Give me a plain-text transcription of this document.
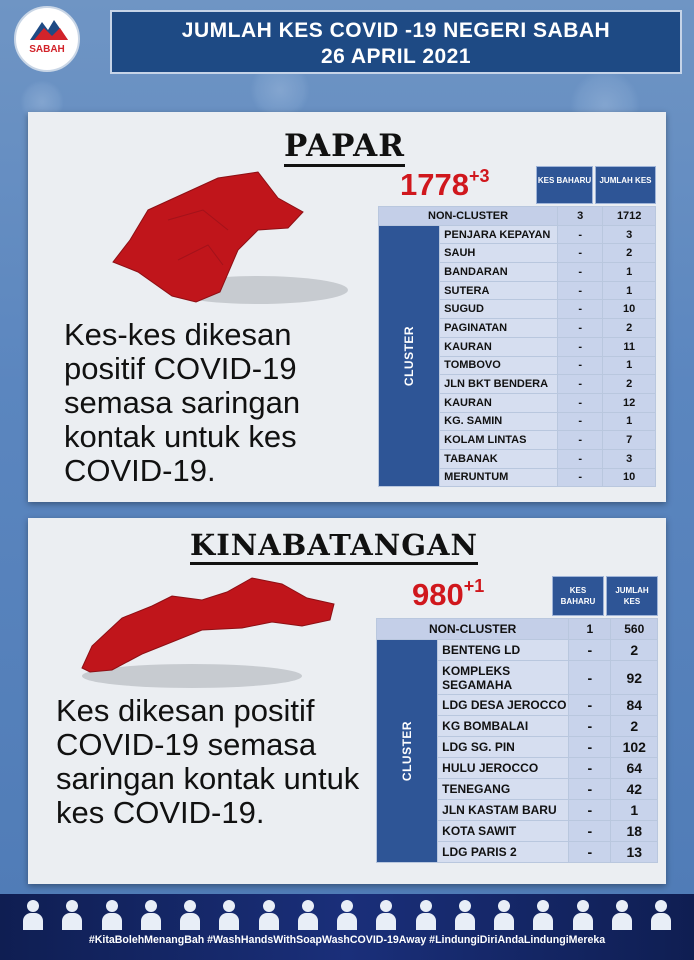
SABAH
JUMLAH KES COVID -19 NEGERI SABAH
26 APRIL 2021
PAPAR
Kes-kes dikesan positif COVID-19 semasa saringan kontak untuk kes COVID-19.
$1778^{+3}$	KES BAHARU	JUMLAH KES
NON-CLUSTER		3	1712
CLUSTER	PENJARA KEPAYAN	-	3
	SAUH	-	2
	BANDARAN	-	1
	SUTERA	-	1
	SUGUD	-	10
	PAGINATAN	-	2
	KAURAN	-	11
	TOMBOVO	-	1
	JLN BKT BENDERA	-	2
	KAURAN	-	12
	KG. SAMIN	-	1
	KOLAM LINTAS	-	7
	TABANAK	-	3
	MERUNTUM	-	10
KINABATANGAN
Kes dikesan positif COVID-19 semasa saringan kontak untuk kes COVID-19.
$980^{+1}$	KES BAHARU
JUMLAH KES
NON-CLUSTER		1	560
CLUSTER	BENTENG LD	-	2
	KOMPLEKS SEGAMAHA	-	92
	LDG DESA JEROCCO	-	84
	KG BOMBALAI	-	2
	LDG SG. PIN	-	102
	HULU JEROCCO	-	64
	TENEGANG	-	42
	JLN KASTAM BARU	-	1
	KOTA SAWIT	-	18
	LDG PARIS 2	-	13
#KitaBolehMenangBah #WashHandsWithSoapWashCOVID-19Away #LindungiDiriAndaLindungiMereka
